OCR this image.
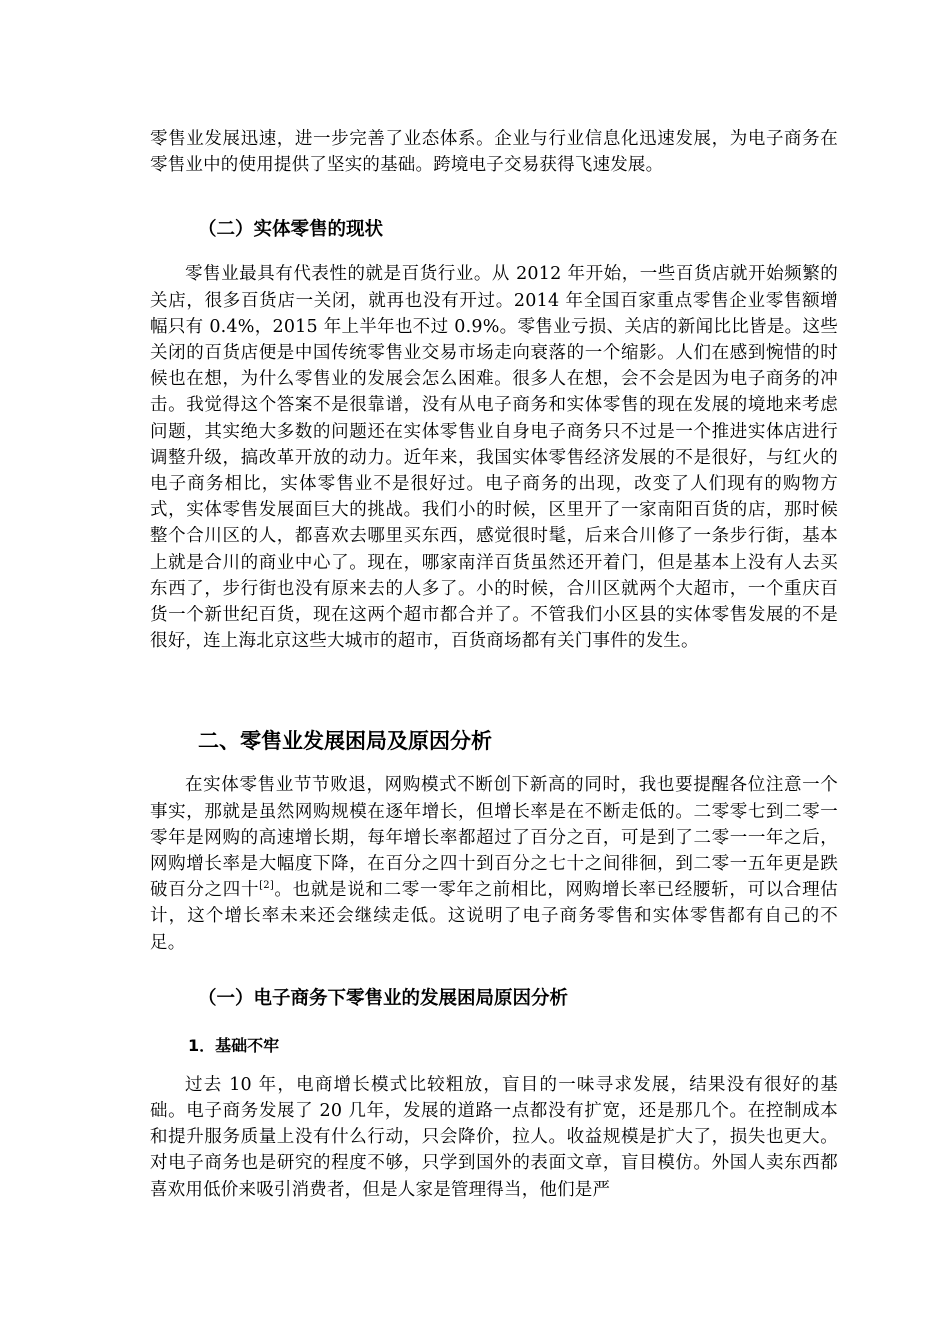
零售业发展迅速，进一步完善了业态体系。企业与行业信息化迅速发展，为电子商务在零售业中的使用提供了坚实的基础。跨境电子交易获得飞速发展。

（二）实体零售的现状

零售业最具有代表性的就是百货行业。从 2012 年开始，一些百货店就开始频繁的关店，很多百货店一关闭，就再也没有开过。2014 年全国百家重点零售企业零售额增幅只有 0.4%，2015 年上半年也不过 0.9%。零售业亏损、关店的新闻比比皆是。这些关闭的百货店便是中国传统零售业交易市场走向衰落的一个缩影。人们在感到惋惜的时候也在想，为什么零售业的发展会怎么困难。很多人在想，会不会是因为电子商务的冲击。我觉得这个答案不是很靠谱，没有从电子商务和实体零售的现在发展的境地来考虑问题，其实绝大多数的问题还在实体零售业自身电子商务只不过是一个推进实体店进行调整升级，搞改革开放的动力。近年来，我国实体零售经济发展的不是很好，与红火的电子商务相比，实体零售业不是很好过。电子商务的出现，改变了人们现有的购物方式，实体零售发展面巨大的挑战。我们小的时候，区里开了一家南阳百货的店，那时候整个合川区的人，都喜欢去哪里买东西，感觉很时髦，后来合川修了一条步行街，基本上就是合川的商业中心了。现在，哪家南洋百货虽然还开着门，但是基本上没有人去买东西了，步行街也没有原来去的人多了。小的时候，合川区就两个大超市，一个重庆百货一个新世纪百货，现在这两个超市都合并了。不管我们小区县的实体零售发展的不是很好，连上海北京这些大城市的超市，百货商场都有关门事件的发生。

二、零售业发展困局及原因分析

在实体零售业节节败退，网购模式不断创下新高的同时，我也要提醒各位注意一个事实，那就是虽然网购规模在逐年增长，但增长率是在不断走低的。二零零七到二零一零年是网购的高速增长期，每年增长率都超过了百分之百，可是到了二零一一年之后，网购增长率是大幅度下降，在百分之四十到百分之七十之间徘徊，到二零一五年更是跌破百分之四十[2]。也就是说和二零一零年之前相比，网购增长率已经腰斩，可以合理估计，这个增长率未来还会继续走低。这说明了电子商务零售和实体零售都有自己的不足。

（一）电子商务下零售业的发展困局原因分析
1．基础不牢

过去 10 年，电商增长模式比较粗放，盲目的一味寻求发展，结果没有很好的基础。电子商务发展了 20 几年，发展的道路一点都没有扩宽，还是那几个。在控制成本和提升服务质量上没有什么行动，只会降价，拉人。收益规模是扩大了，损失也更大。对电子商务也是研究的程度不够，只学到国外的表面文章，盲目模仿。外国人卖东西都喜欢用低价来吸引消费者，但是人家是管理得当，他们是严
